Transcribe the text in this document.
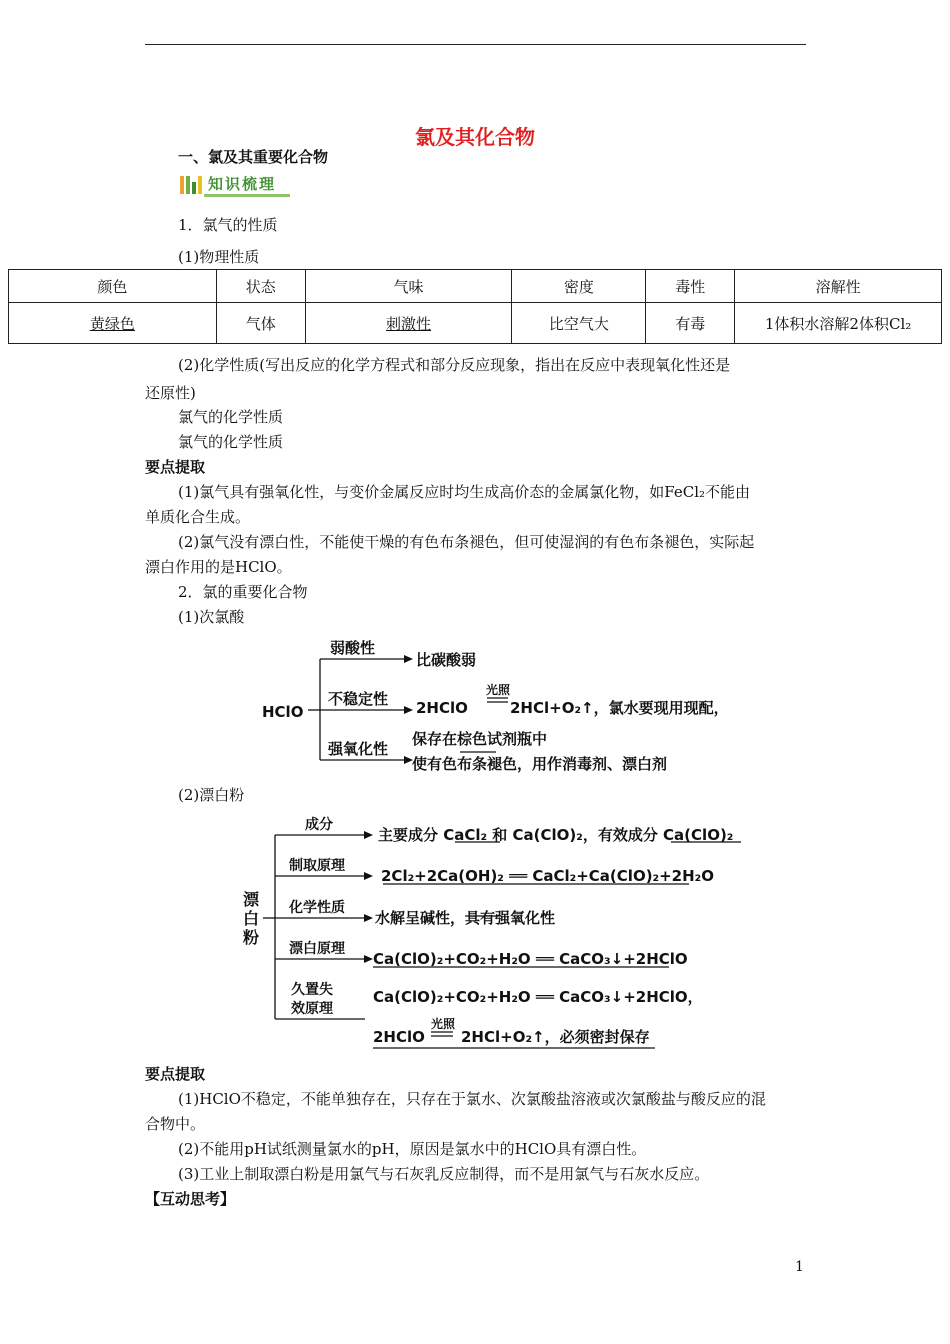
氯及其化合物
一、氯及其重要化合物
知识梳理
1．氯气的性质
(1)物理性质
颜色	状态	气味	密度	毒性	溶解性
黄绿色	气体	刺激性	比空气大	有毒	1体积水溶解2体积Cl₂
(2)化学性质(写出反应的化学方程式和部分反应现象，指出在反应中表现氧化性还是
还原性)
氯气的化学性质
氯气的化学性质
要点提取
(1)氯气具有强氧化性，与变价金属反应时均生成高价态的金属氯化物，如FeCl₂不能由
单质化合生成。
(2)氯气没有漂白性，不能使干燥的有色布条褪色，但可使湿润的有色布条褪色，实际起
漂白作用的是HClO。
2．氯的重要化合物
(1)次氯酸
HClO
弱酸性
比碳酸弱
不稳定性 2HClO
光照
2HCl+O₂↑，氯水要现用现配，
强氧化性
保存在棕色试剂瓶中
使有色布条褪色，用作消毒剂、漂白剂
(2)漂白粉
漂
白
粉
成分
主要成分 CaCl₂ 和 Ca(ClO)₂，有效成分 Ca(ClO)₂
制取原理
2Cl₂+2Ca(OH)₂ ══ CaCl₂+Ca(ClO)₂+2H₂O
化学性质
水解呈碱性，具有强氧化性
漂白原理
Ca(ClO)₂+CO₂+H₂O ══ CaCO₃↓+2HClO
久置失
效原理
Ca(ClO)₂+CO₂+H₂O ══ CaCO₃↓+2HClO，
2HClO
光照
2HCl+O₂↑，必须密封保存
要点提取
(1)HClO不稳定，不能单独存在，只存在于氯水、次氯酸盐溶液或次氯酸盐与酸反应的混
合物中。
(2)不能用pH试纸测量氯水的pH，原因是氯水中的HClO具有漂白性。
(3)工业上制取漂白粉是用氯气与石灰乳反应制得，而不是用氯气与石灰水反应。
【互动思考】
1
